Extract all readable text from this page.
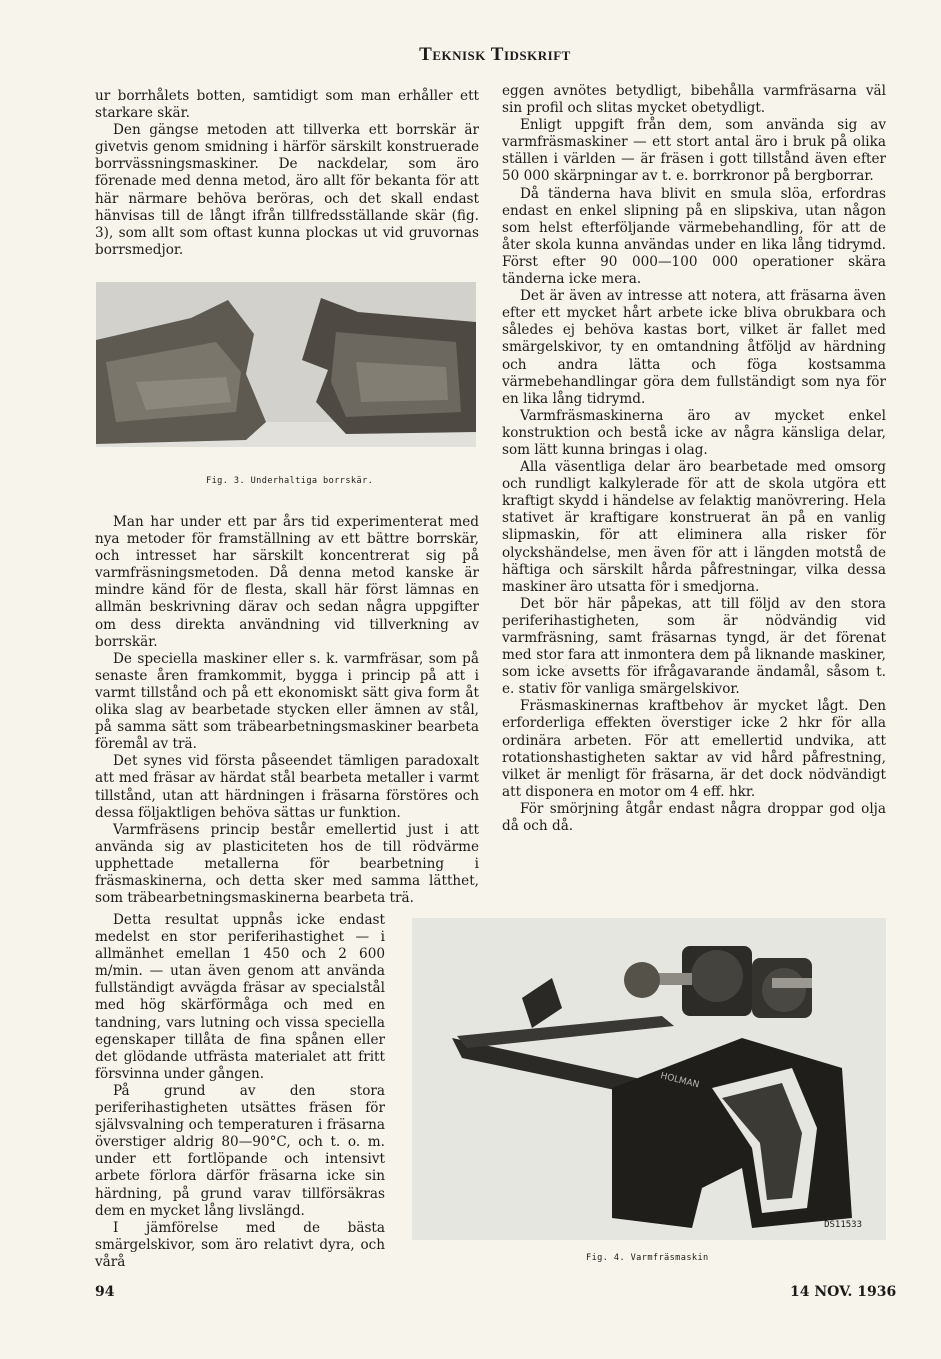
Teknisk Tidskrift

ur borrhålets botten, samtidigt som man erhåller ett starkare skär.

Den gängse metoden att tillverka ett borrskär är givetvis genom smidning i härför särskilt konstruerade borrvässningsmaskiner. De nackdelar, som äro förenade med denna metod, äro allt för bekanta för att här närmare behöva beröras, och det skall endast hänvisas till de långt ifrån tillfredsställande skär (fig. 3), som allt som oftast kunna plockas ut vid gruvornas borrsmedjor.

Fig. 3. Underhaltiga borrskär.

Man har under ett par års tid experimenterat med nya metoder för framställning av ett bättre borrskär, och intresset har särskilt koncentrerat sig på varmfräsningsmetoden. Då denna metod kanske är mindre känd för de flesta, skall här först lämnas en allmän beskrivning därav och sedan några uppgifter om dess direkta användning vid tillverkning av borrskär.

De speciella maskiner eller s. k. varmfräsar, som på senaste åren framkommit, bygga i princip på att i varmt tillstånd och på ett ekonomiskt sätt giva form åt olika slag av bearbetade stycken eller ämnen av stål, på samma sätt som träbearbetningsmaskiner bearbeta föremål av trä.

Det synes vid första påseendet tämligen paradoxalt att med fräsar av härdat stål bearbeta metaller i varmt tillstånd, utan att härdningen i fräsarna förstöres och dessa följaktligen behöva sättas ur funktion.

Varmfräsens princip består emellertid just i att använda sig av plasticiteten hos de till rödvärme upphettade metallerna för bearbetning i fräsmaskinerna, och detta sker med samma lätthet, som träbearbetningsmaskinerna bearbeta trä.

Detta resultat uppnås icke endast medelst en stor periferihastighet — i allmänhet emellan 1 450 och 2 600 m/min. — utan även genom att använda fullständigt avvägda fräsar av specialstål med hög skärförmåga och med en tandning, vars lutning och vissa speciella egenskaper tillåta de fina spånen eller det glödande utfrästa materialet att fritt försvinna under gången.

På grund av den stora periferihastigheten utsättes fräsen för självsvalning och temperaturen i fräsarna överstiger aldrig 80—90°C, och t. o. m. under ett fortlöpande och intensivt arbete förlora därför fräsarna icke sin härdning, på grund varav tillförsäkras dem en mycket lång livslängd.

I jämförelse med de bästa smärgelskivor, som äro relativt dyra, och vårå

eggen avnötes betydligt, bibehålla varmfräsarna väl sin profil och slitas mycket obetydligt.

Enligt uppgift från dem, som använda sig av varmfräsmaskiner — ett stort antal äro i bruk på olika ställen i världen — är fräsen i gott tillstånd även efter 50 000 skärpningar av t. e. borrkronor på bergborrar.

Då tänderna hava blivit en smula slöa, erfordras endast en enkel slipning på en slipskiva, utan någon som helst efterföljande värmebehandling, för att de åter skola kunna användas under en lika lång tidrymd. Först efter 90 000—100 000 operationer skära tänderna icke mera.

Det är även av intresse att notera, att fräsarna även efter ett mycket hårt arbete icke bliva obrukbara och således ej behöva kastas bort, vilket är fallet med smärgelskivor, ty en omtandning åtföljd av härdning och andra lätta och föga kostsamma värmebehandlingar göra dem fullständigt som nya för en lika lång tidrymd.

Varmfräsmaskinerna äro av mycket enkel konstruktion och bestå icke av några känsliga delar, som lätt kunna bringas i olag.

Alla väsentliga delar äro bearbetade med omsorg och rundligt kalkylerade för att de skola utgöra ett kraftigt skydd i händelse av felaktig manövrering. Hela stativet är kraftigare konstruerat än på en vanlig slipmaskin, för att eliminera alla risker för olyckshändelse, men även för att i längden motstå de häftiga och särskilt hårda påfrestningar, vilka dessa maskiner äro utsatta för i smedjorna.

Det bör här påpekas, att till följd av den stora periferihastigheten, som är nödvändig vid varmfräsning, samt fräsarnas tyngd, är det förenat med stor fara att inmontera dem på liknande maskiner, som icke avsetts för ifrågavarande ändamål, såsom t. e. stativ för vanliga smärgelskivor.

Fräsmaskinernas kraftbehov är mycket lågt. Den erforderliga effekten överstiger icke 2 hkr för alla ordinära arbeten. För att emellertid undvika, att rotationshastigheten saktar av vid hård påfrestning, vilket är menligt för fräsarna, är det dock nödvändigt att disponera en motor om 4 eff. hkr.

För smörjning åtgår endast några droppar god olja då och då.

HOLMAN
DS11533
Fig. 4. Varmfräsmaskin
94	14 NOV. 1936
